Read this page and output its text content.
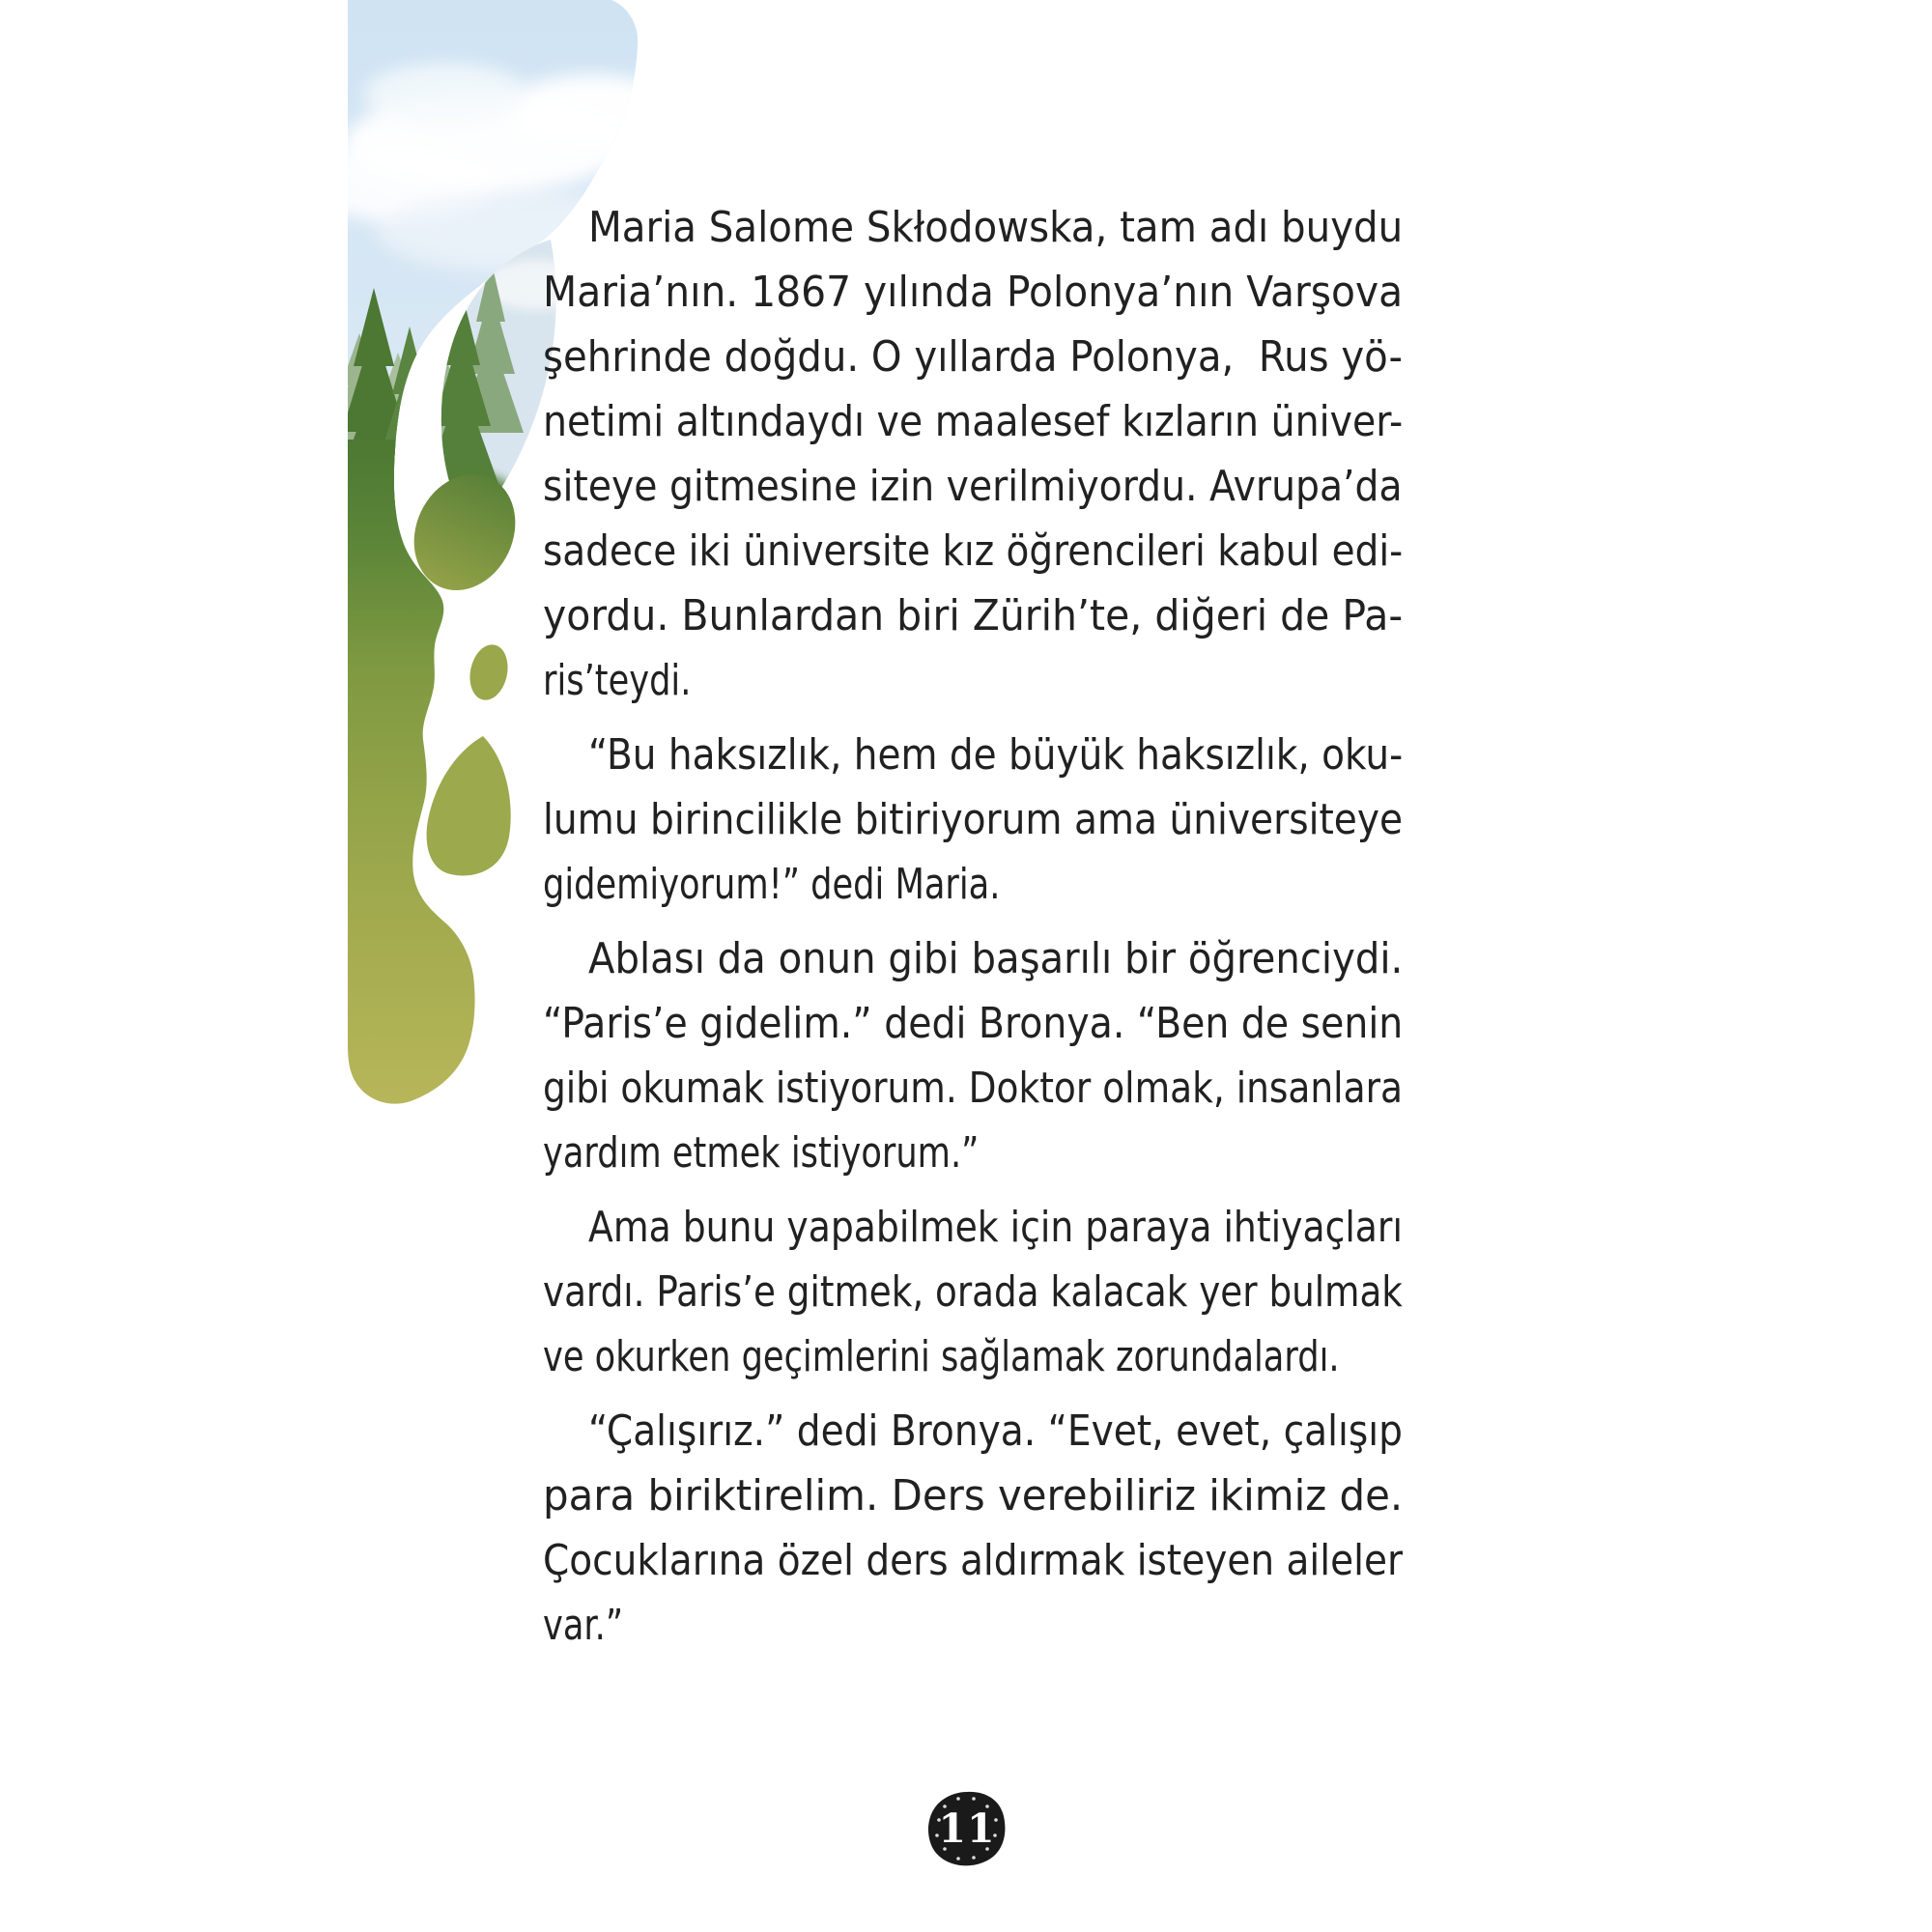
Maria Salome Skłodowska, tam adı buydu
Maria’nın. 1867 yılında Polonya’nın Varşova
şehrinde doğdu. O yıllarda Polonya,  Rus yö-
netimi altındaydı ve maalesef kızların üniver-
siteye gitmesine izin verilmiyordu. Avrupa’da
sadece iki üniversite kız öğrencileri kabul edi-
yordu. Bunlardan biri Zürih’te, diğeri de Pa-
ris’teydi.
“Bu haksızlık, hem de büyük haksızlık, oku-
lumu birincilikle bitiriyorum ama üniversiteye
gidemiyorum!” dedi Maria.
Ablası da onun gibi başarılı bir öğrenciydi.
“Paris’e gidelim.” dedi Bronya. “Ben de senin
gibi okumak istiyorum. Doktor olmak, insanlara
yardım etmek istiyorum.”
Ama bunu yapabilmek için paraya ihtiyaçları
vardı. Paris’e gitmek, orada kalacak yer bulmak
ve okurken geçimlerini sağlamak zorundalardı.
“Çalışırız.” dedi Bronya. “Evet, evet, çalışıp
para biriktirelim. Ders verebiliriz ikimiz de.
Çocuklarına özel ders aldırmak isteyen aileler
var.”
11
